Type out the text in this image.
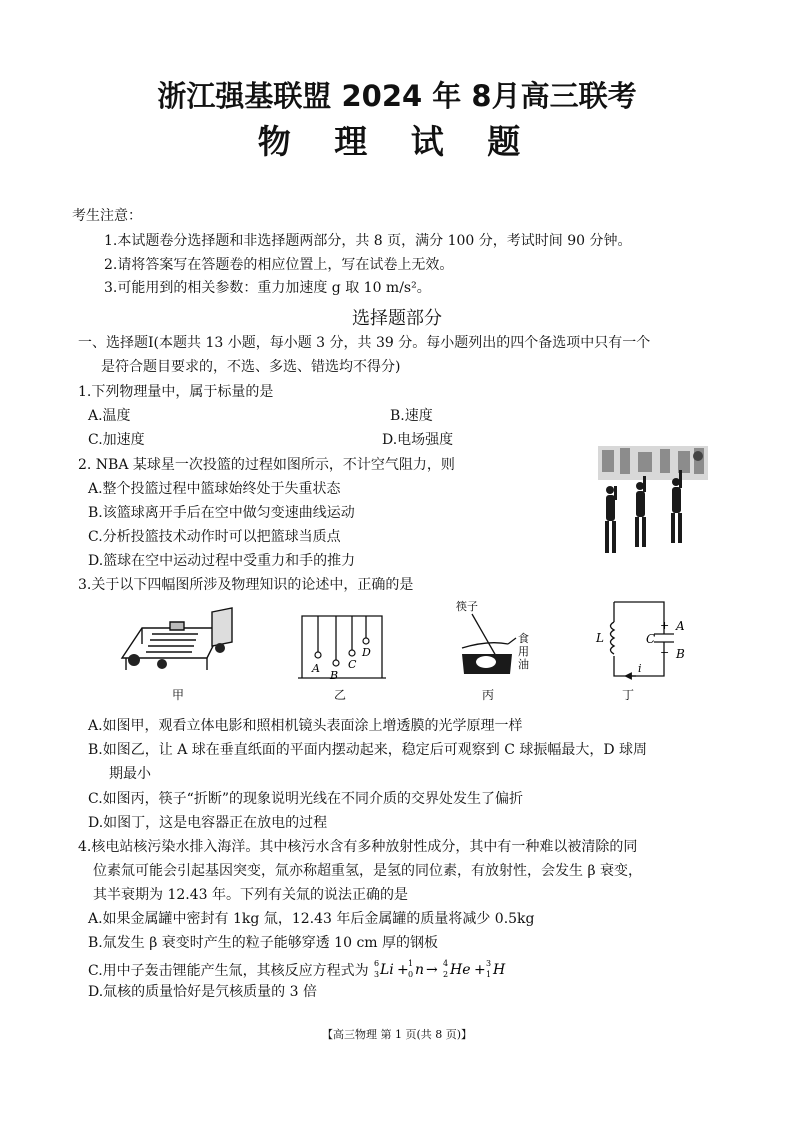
浙江强基联盟 2024 年 8月高三联考
物 理 试 题
考生注意：
1.本试题卷分选择题和非选择题两部分，共 8 页，满分 100 分，考试时间 90 分钟。
2.请将答案写在答题卷的相应位置上，写在试卷上无效。
3.可能用到的相关参数：重力加速度 g 取 10 m/s²。
选择题部分
一、选择题Ⅰ(本题共 13 小题，每小题 3 分，共 39 分。每小题列出的四个备选项中只有一个
是符合题目要求的，不选、多选、错选均不得分)
1.下列物理量中，属于标量的是
A.温度	B.速度
C.加速度	D.电场强度
2. NBA 某球星一次投篮的过程如图所示，不计空气阻力，则
A.整个投篮过程中篮球始终处于失重状态
B.该篮球离开手后在空中做匀变速曲线运动
C.分析投篮技术动作时可以把篮球当质点
D.篮球在空中运动过程中受重力和手的推力
3.关于以下四幅图所涉及物理知识的论述中，正确的是
甲
A
B
C
D
乙
筷子
食
用
油
丙
L	C
+
−
A
B
i
丁
A.如图甲，观看立体电影和照相机镜头表面涂上增透膜的光学原理一样
B.如图乙，让 A 球在垂直纸面的平面内摆动起来，稳定后可观察到 C 球振幅最大，D 球周
期最小
C.如图丙，筷子“折断”的现象说明光线在不同介质的交界处发生了偏折
D.如图丁，这是电容器正在放电的过程
4.核电站核污染水排入海洋。其中核污水含有多种放射性成分，其中有一种难以被清除的同
位素氚可能会引起基因突变，氚亦称超重氢，是氢的同位素，有放射性，会发生 β 衰变，
其半衰期为 12.43 年。下列有关氚的说法正确的是
A.如果金属罐中密封有 1kg 氚，12.43 年后金属罐的质量将减少 0.5kg
B.氚发生 β 衰变时产生的粒子能够穿透 10 cm 厚的钢板
C.用中子轰击锂能产生氚，其核反应方程式为 6
3
1
0
4
2
3
1
Li n He H
+ →	+
D.氚核的质量恰好是氕核质量的 3 倍
【高三物理 第 1 页(共 8 页)】
